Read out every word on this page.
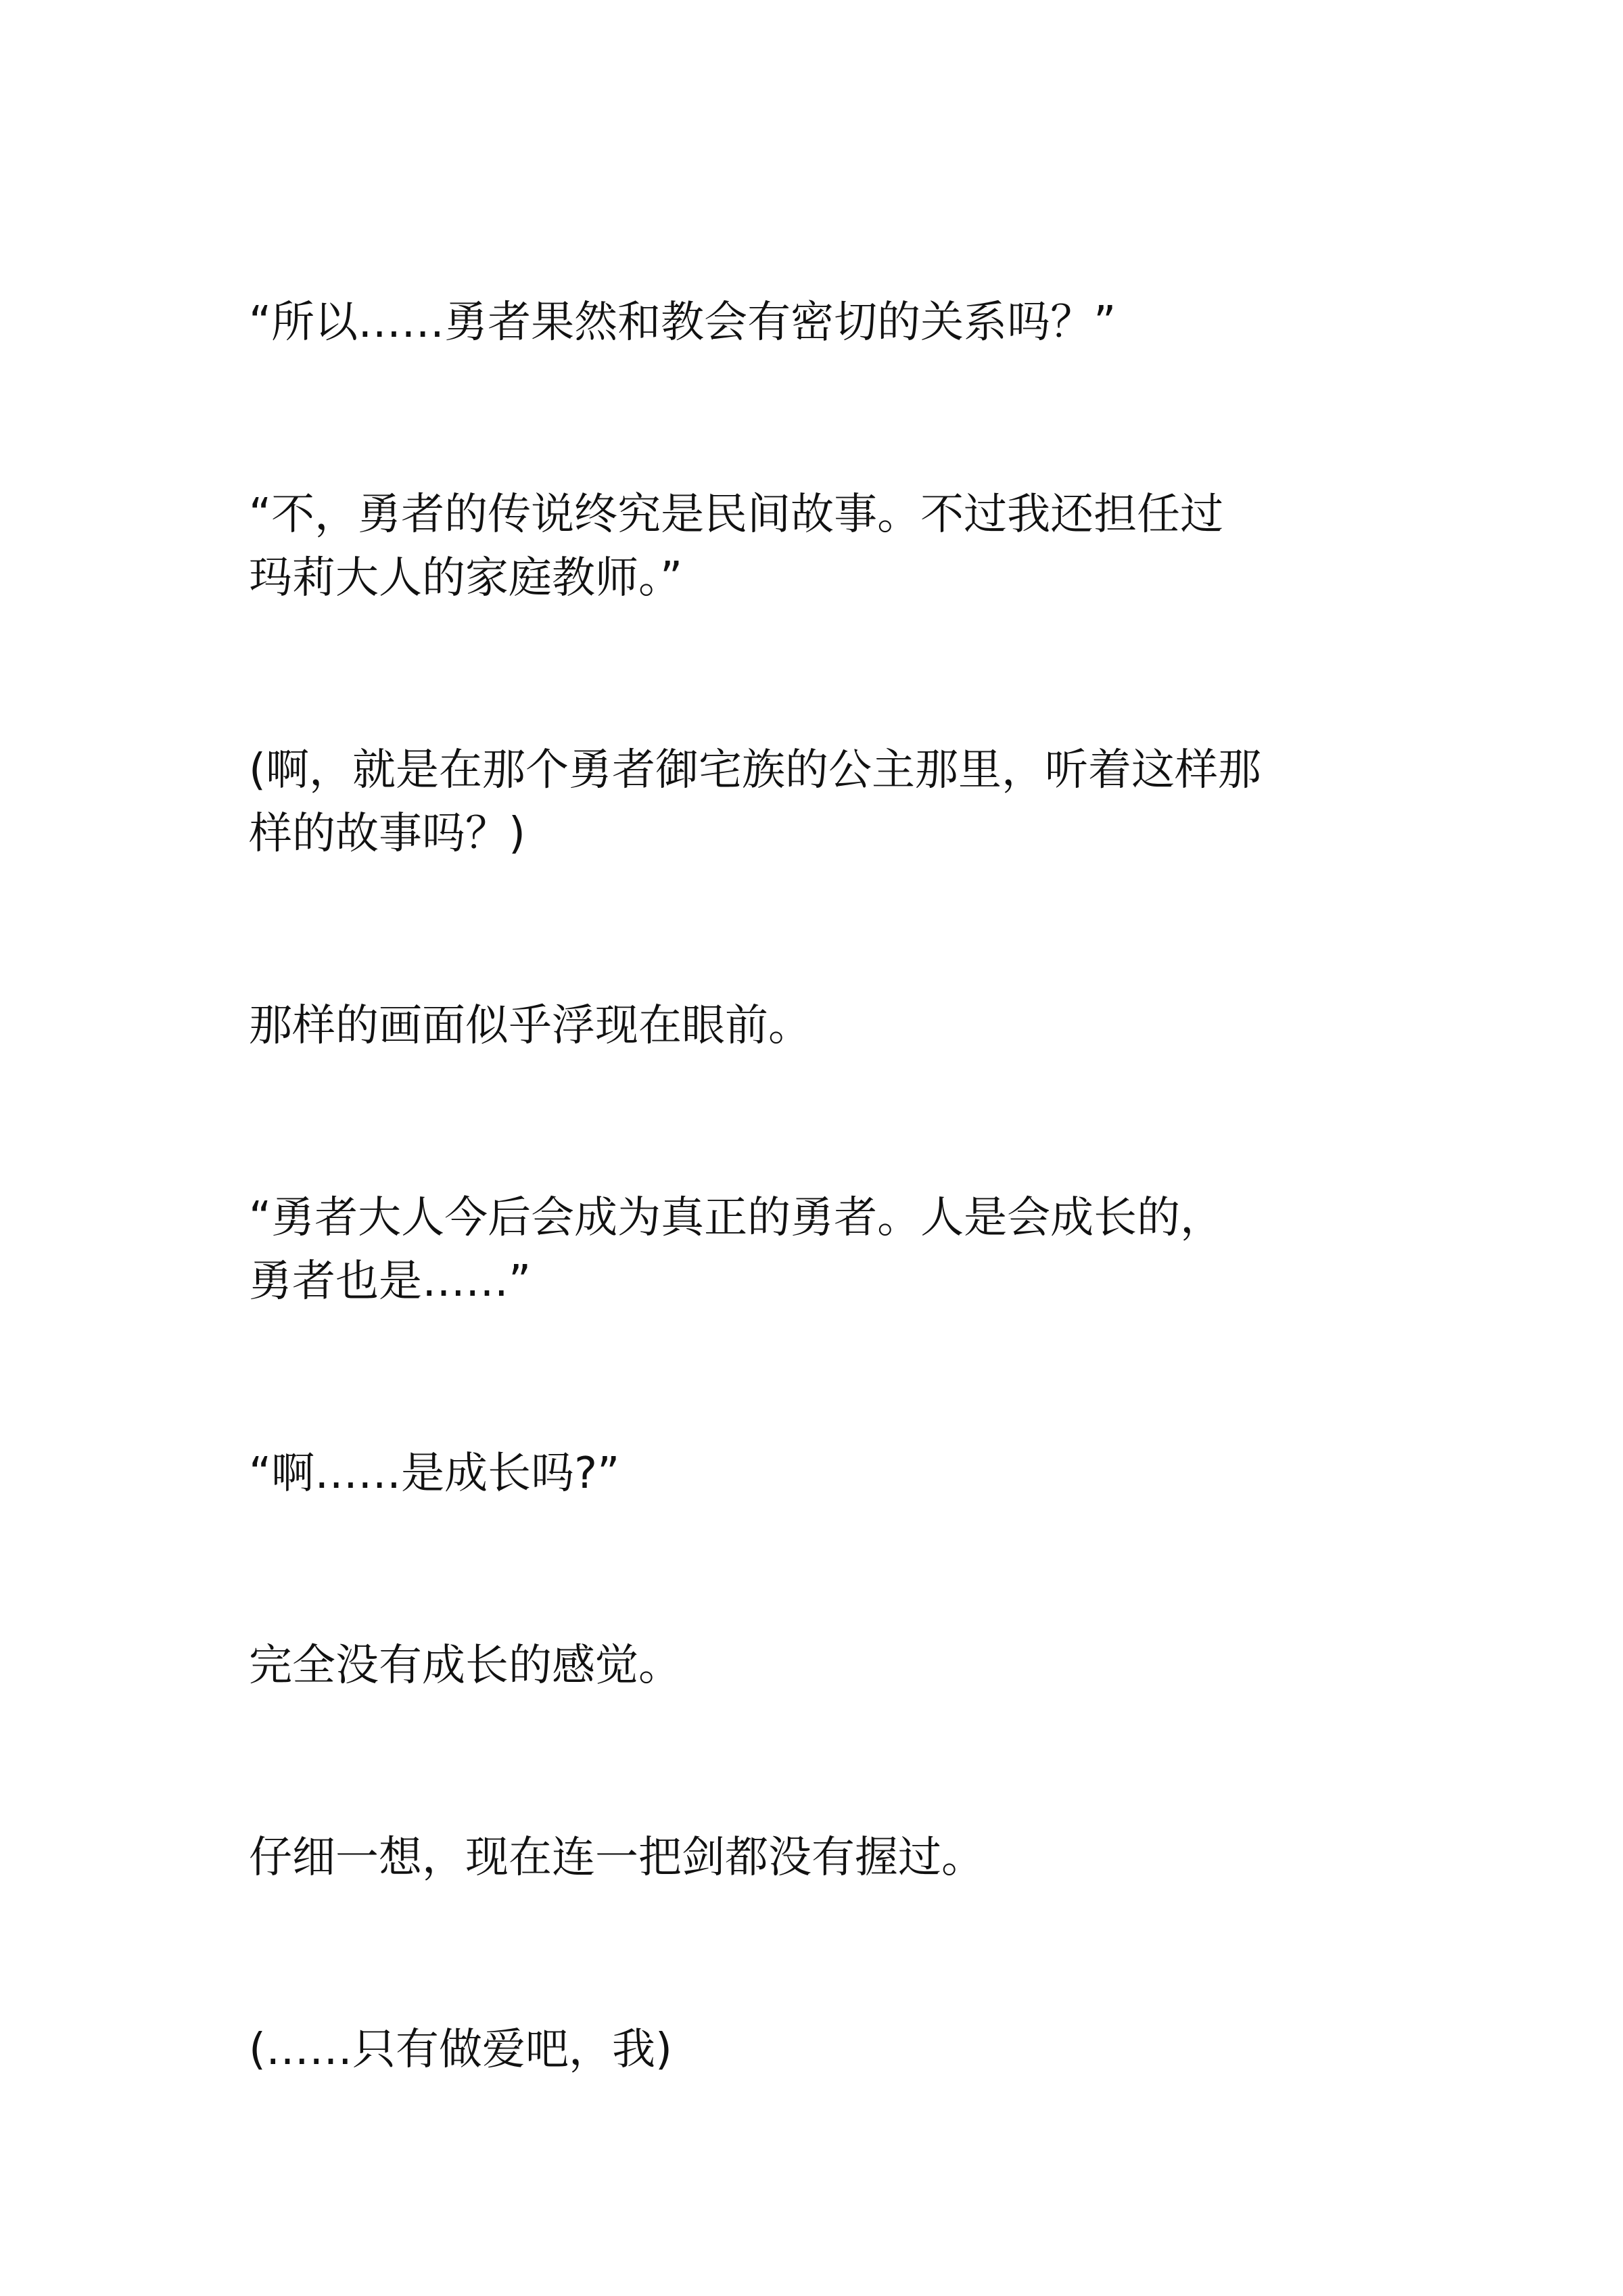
“所以……勇者果然和教会有密切的关系吗？”

“不，勇者的传说终究是民间故事。不过我还担任过
玛莉大人的家庭教师。”

(啊，就是在那个勇者御宅族的公主那里，听着这样那
样的故事吗？)

那样的画面似乎浮现在眼前。

“勇者大人今后会成为真正的勇者。人是会成长的，
勇者也是……”

“啊……是成长吗?”

完全没有成长的感觉。

仔细一想，现在连一把剑都没有握过。

(……只有做爱吧，我)
